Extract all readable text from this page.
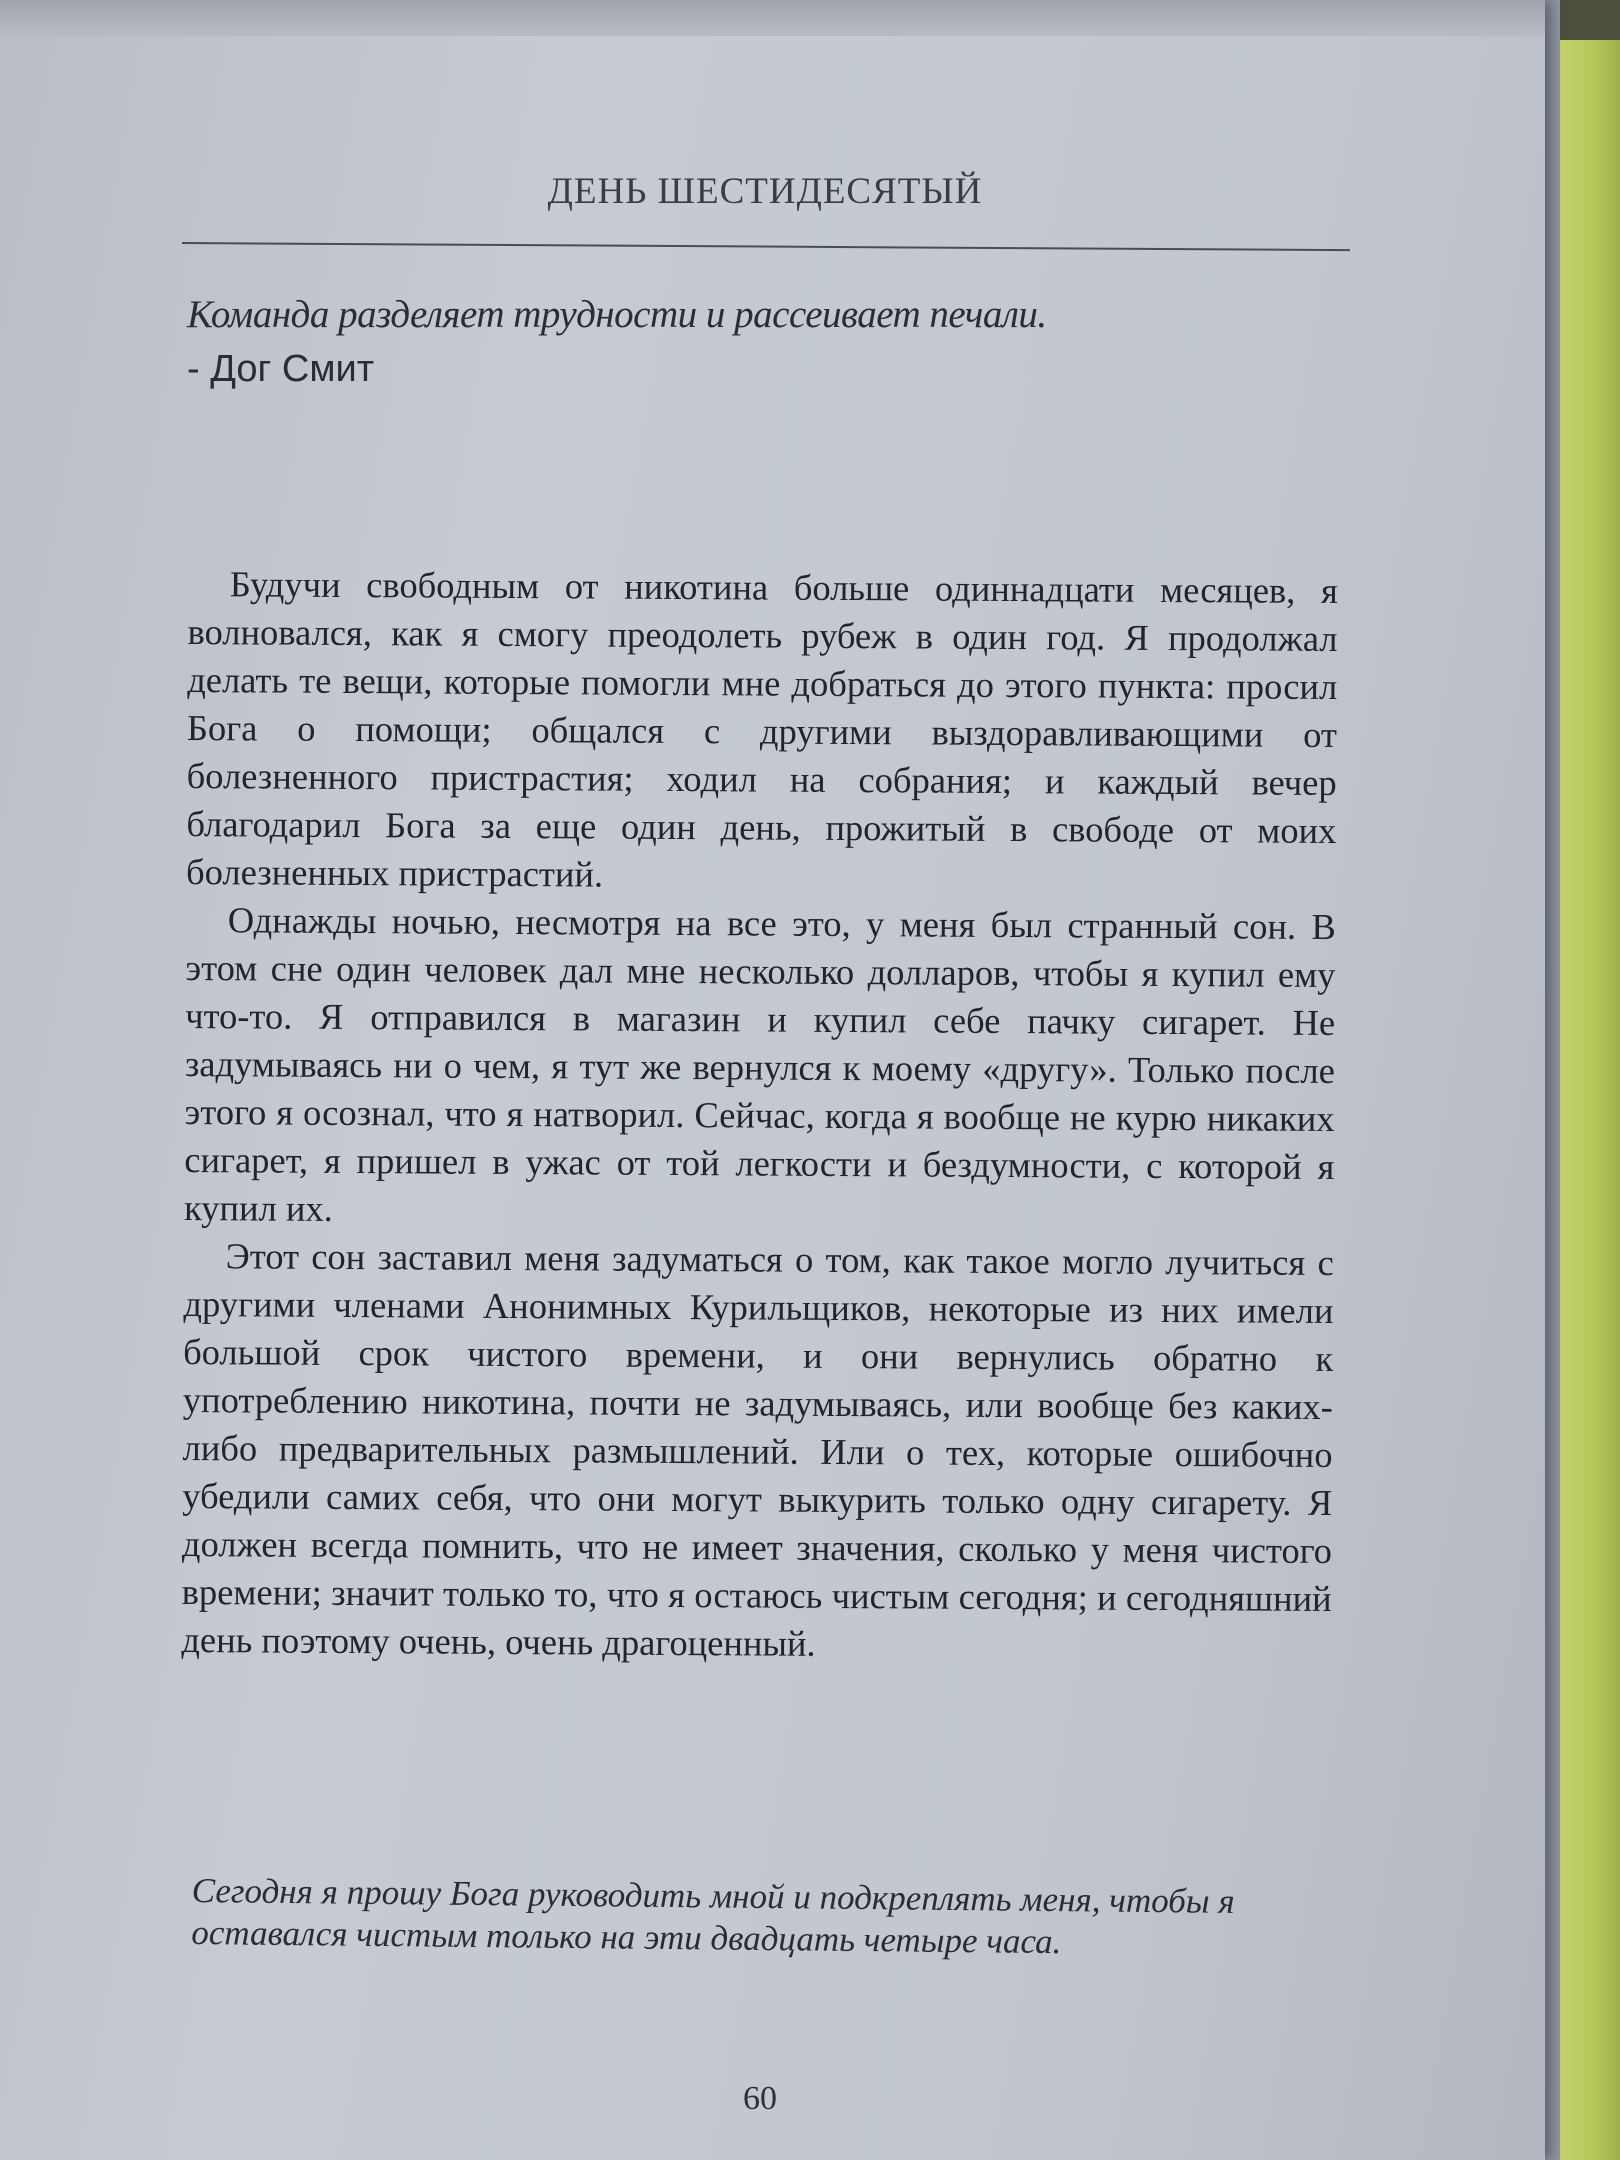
ДЕНЬ ШЕСТИДЕСЯТЫЙ
Команда разделяет трудности и рассеивает печали.
- Дог Смит

Будучи свободным от никотина больше одиннадцати месяцев, я волновался, как я смогу преодолеть рубеж в один год. Я продолжал делать те вещи, которые помогли мне добраться до этого пункта: просил Бога о помощи; общался с другими выздоравливающими от болезненного пристрастия; ходил на собрания; и каждый вечер благодарил Бога за еще один день, прожитый в свободе от моих болезненных пристрастий.

Однажды ночью, несмотря на все это, у меня был странный сон. В этом сне один человек дал мне несколько долларов, чтобы я купил ему что-то. Я отправился в магазин и купил себе пачку сигарет. Не задумываясь ни о чем, я тут же вернулся к моему «другу». Только после этого я осознал, что я натворил. Сейчас, когда я вообще не курю никаких сигарет, я пришел в ужас от той легкости и бездумности, с которой я купил их.

Этот сон заставил меня задуматься о том, как такое могло лучиться с другими членами Анонимных Курильщиков, некоторые из них имели большой срок чистого времени, и они вернулись обратно к употреблению никотина, почти не задумываясь, или вообще без каких-либо предварительных размышлений. Или о тех, которые ошибочно убедили самих себя, что они могут выкурить только одну сигарету. Я должен всегда помнить, что не имеет значения, сколько у меня чистого времени; значит только то, что я остаюсь чистым сегодня; и сегодняшний день поэтому очень, очень драгоценный.

Сегодня я прошу Бога руководить мной и подкреплять меня, чтобы я оставался чистым только на эти двадцать четыре часа.
60
